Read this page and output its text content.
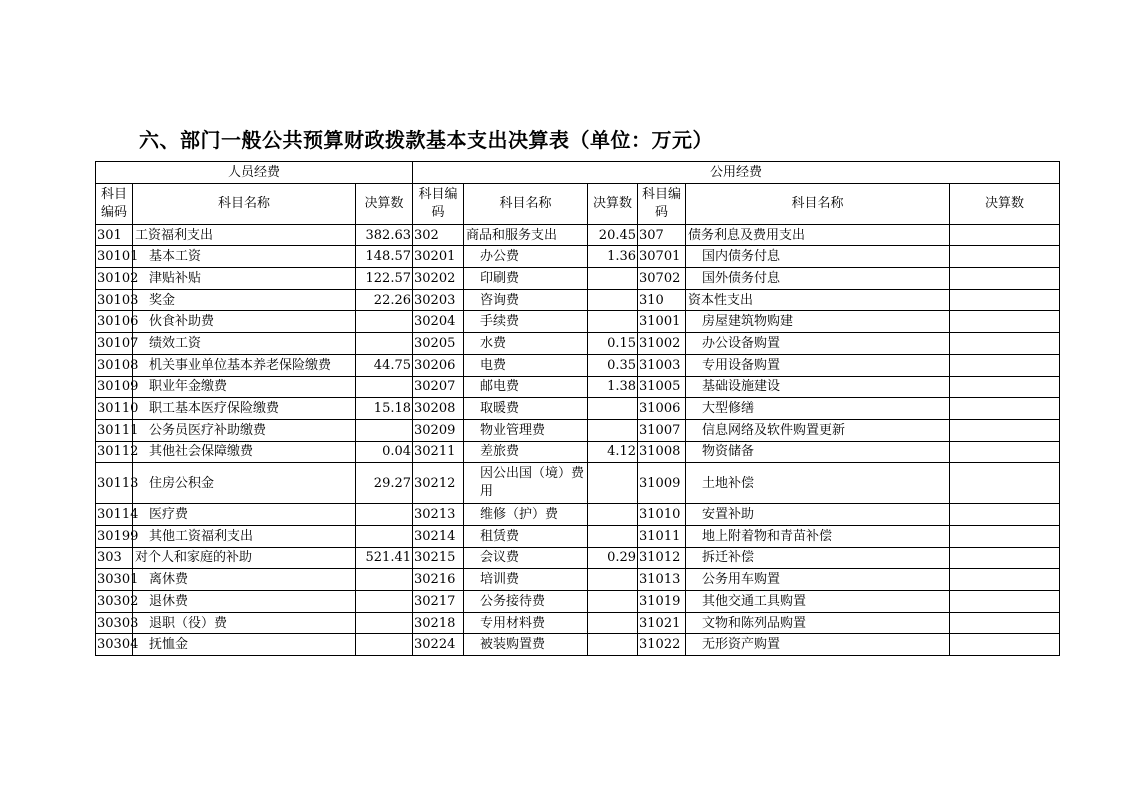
六、部门一般公共预算财政拨款基本支出决算表（单位：万元）
人员经费			公用经费					
科目编码	科目名称	决算数	科目编码	科目名称	决算数	科目编码	科目名称	决算数
301	工资福利支出	382.63	302	商品和服务支出	20.45	307	债务利息及费用支出	
30101	基本工资	148.57	30201	办公费	1.36	30701	国内债务付息	
30102	津贴补贴	122.57	30202	印刷费		30702	国外债务付息	
30103	奖金	22.26	30203	咨询费		310	资本性支出	
30106	伙食补助费		30204	手续费		31001	房屋建筑物购建	
30107	绩效工资		30205	水费	0.15	31002	办公设备购置	
30108	机关事业单位基本养老保险缴费	44.75	30206	电费	0.35	31003	专用设备购置	
30109	职业年金缴费		30207	邮电费	1.38	31005	基础设施建设	
30110	职工基本医疗保险缴费	15.18	30208	取暖费		31006	大型修缮	
30111	公务员医疗补助缴费		30209	物业管理费		31007	信息网络及软件购置更新	
30112	其他社会保障缴费	0.04	30211	差旅费	4.12	31008	物资储备	
30113	住房公积金	29.27	30212	因公出国（境）费用		31009	土地补偿	
30114	医疗费		30213	维修（护）费		31010	安置补助	
30199	其他工资福利支出		30214	租赁费		31011	地上附着物和青苗补偿	
303	对个人和家庭的补助	521.41	30215	会议费	0.29	31012	拆迁补偿	
30301	离休费		30216	培训费		31013	公务用车购置	
30302	退休费		30217	公务接待费		31019	其他交通工具购置	
30303	退职（役）费		30218	专用材料费		31021	文物和陈列品购置	
30304	抚恤金		30224	被装购置费		31022	无形资产购置	
